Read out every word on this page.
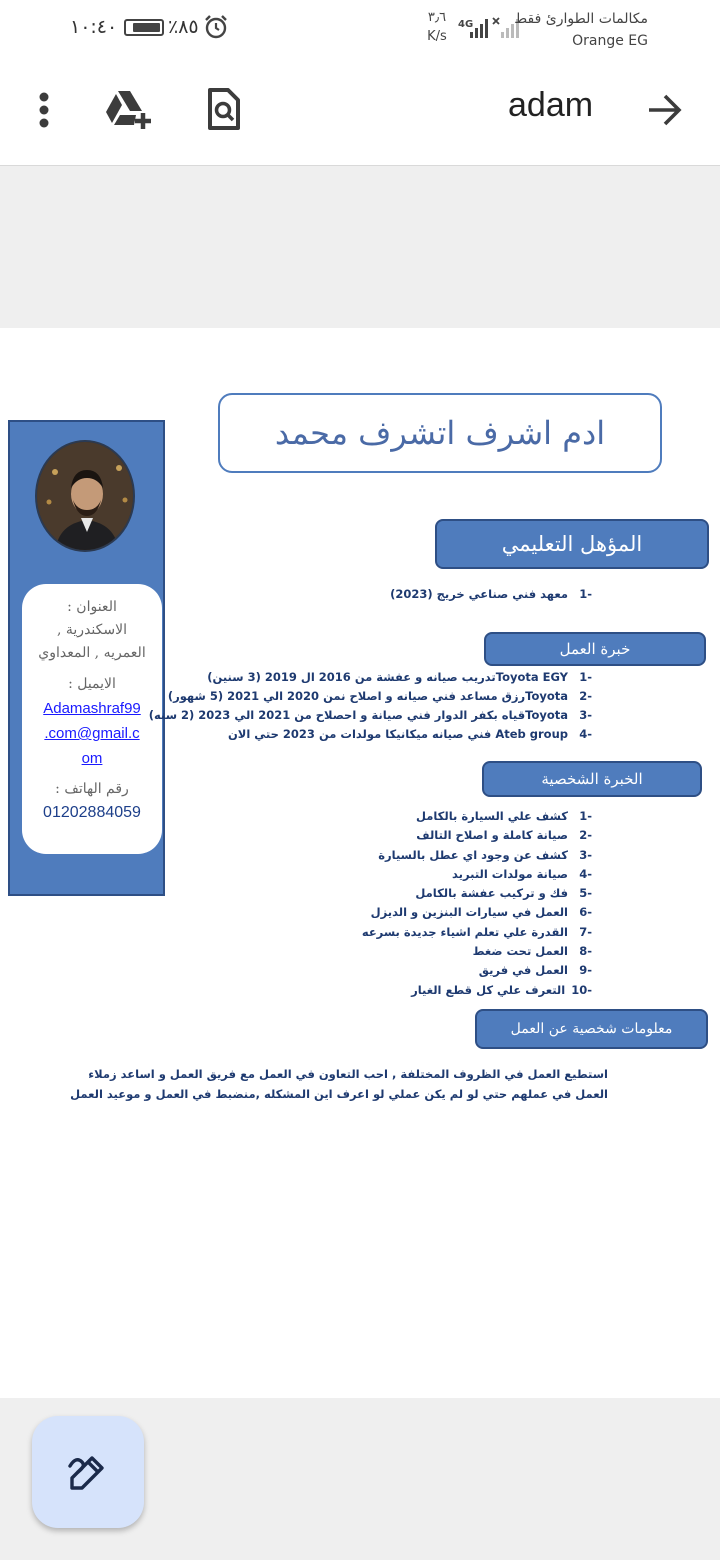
١٠:٤٠	٪٨٥	٣٫٦
K/s
4G	مكالمات الطوارئ فقط
Orange EG
adam
العنوان :
الاسكندرية ,
العمريه , المعداوي
الايميل :
Adamashraf99
.com@gmail.c
om
رقم الهاتف :
01202884059
ادم اشرف اتشرف محمد
المؤهل التعليمي
-1
معهد فني صناعي خريج (2023)
خبرة العمل
-1
Toyota EGYتدريب صيانه و عفشة من 2016 ال 2019 (3 سنين)
-2
Toyotaرزق مساعد فني صيانه و اصلاح نمن 2020 الي 2021 (5 شهور)
-3
Toyotaقياه بكفر الدوار فني صيانة و احصلاح من 2021 الي 2023 (2 سنه)
-4
Ateb group فني صيانه ميكانيكا مولدات من 2023 حتي الان
الخبرة الشخصية
-1
كشف علي السيارة بالكامل
-2
صيانة كاملة و اصلاح التالف
-3
كشف عن وجود اي عطل بالسيارة
-4
صيانة مولدات التبريد
-5
فك و تركيب عفشة بالكامل
-6
العمل في سيارات البنزين و الديزل
-7
القدرة علي تعلم اشياء جديدة بسرعه
-8
العمل تحت ضغط
-9
العمل في فريق
-10
التعرف علي كل قطع الغيار
معلومات شخصية عن العمل
استطيع العمل في الظروف المختلفة , احب التعاون في العمل مع فريق العمل و اساعد زملاء العمل في عملهم حتي لو لم يكن عملي لو اعرف اين المشكله ,منضبط في العمل و موعيد العمل
